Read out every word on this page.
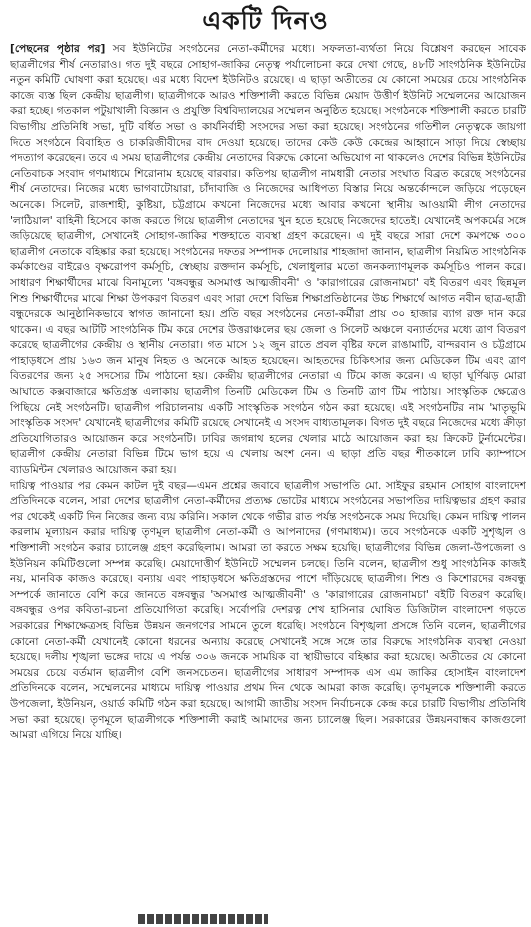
একটি দিনও

[পেছনের পৃষ্ঠার পর] সব ইউনিটের সংগঠনের নেতা-কর্মীদের মধ্যে। সফলতা-ব্যর্থতা নিয়ে বিশ্লেষণ করছেন সাবেক ছাত্রলীগের শীর্ষ নেতারাও। গত দুই বছরে সোহাগ-জাকির নেতৃত্ব পর্যালোচনা করে দেখা গেছে, ৪৮টি সাংগঠনিক ইউনিটের নতুন কমিটি ঘোষণা করা হয়েছে। এর মধ্যে বিদেশ ইউনিটও রয়েছে। এ ছাড়া অতীতের যে কোনো সময়ের চেয়ে সাংগঠনিক কাজে ব্যস্ত ছিল কেন্দ্রীয় ছাত্রলীগ। ছাত্রলীগকে আরও শক্তিশালী করতে বিভিন্ন মেয়াদ উত্তীর্ণ ইউনিট সম্মেলনের আয়োজন করা হচ্ছে। গতকাল পটুয়াখালী বিজ্ঞান ও প্রযুক্তি বিশ্ববিদ্যালয়ের সম্মেলন অনুষ্ঠিত হয়েছে। সংগঠনকে শক্তিশালী করতে চারটি বিভাগীয় প্রতিনিধি সভা, দুটি বর্ধিত সভা ও কার্যনির্বাহী সংসদের সভা করা হয়েছে। সংগঠনের গতিশীল নেতৃত্বকে জায়গা দিতে সংগঠনে বিবাহিত ও চাকরিজীবীদের বাদ দেওয়া হয়েছে। তাদের কেউ কেউ কেন্দ্রের আহ্বানে সাড়া দিয়ে স্বেচ্ছায় পদত্যাগ করেছেন। তবে এ সময় ছাত্রলীগের কেন্দ্রীয় নেতাদের বিরুদ্ধে কোনো অভিযোগ না থাকলেও দেশের বিভিন্ন ইউনিটের নেতিবাচক সংবাদ গণমাধ্যমে শিরোনাম হয়েছে বারবার। কতিপয় ছাত্রলীগ নামধারী নেতার সংঘাত বিব্রত করেছে সংগঠনের শীর্ষ নেতাদের। নিজের মধ্যে ভাগবাটোয়ারা, চাঁদাবাজি ও নিজেদের আধিপত্য বিস্তার নিয়ে অন্তর্কোন্দলে জড়িয়ে পড়েছেন অনেকে। সিলেট, রাজশাহী, কুষ্টিয়া, চট্টগ্রামে কখনো নিজেদের মধ্যে আবার কখনো স্থানীয় আওয়ামী লীগ নেতাদের 'লাঠিয়াল' বাহিনী হিসেবে কাজ করতে গিয়ে ছাত্রলীগ নেতাদের খুন হতে হয়েছে নিজেদের হাতেই। যেখানেই অপকর্মের সঙ্গে জড়িয়েছে ছাত্রলীগ, সেখানেই সোহাগ-জাকির শক্তহাতে ব্যবস্থা গ্রহণ করেছেন। এ দুই বছরে সারা দেশে কমপক্ষে ৩০০ ছাত্রলীগ নেতাকে বহিষ্কার করা হয়েছে। সংগঠনের দফতর সম্পাদক দেলোয়ার শাহজাদা জানান, ছাত্রলীগ নিয়মিত সাংগঠনিক কর্মকাণ্ডের বাইরেও বৃক্ষরোপণ কর্মসূচি, স্বেচ্ছায় রক্তদান কর্মসূচি, খেলাধুলার মতো জনকল্যাণমূলক কর্মসূচিও পালন করে। সাধারণ শিক্ষার্থীদের মাঝে বিনামূল্যে 'বঙ্গবন্ধুর অসমাপ্ত আত্মজীবনী' ও 'কারাগারের রোজনামচা' বই বিতরণ এবং ছিন্নমূল শিশু শিক্ষার্থীদের মাঝে শিক্ষা উপকরণ বিতরণ এবং সারা দেশে বিভিন্ন শিক্ষাপ্রতিষ্ঠানের উচ্চ শিক্ষার্থে আগত নবীন ছাত্র-ছাত্রী বন্ধুদেরকে আনুষ্ঠানিকভাবে স্বাগত জানানো হয়। প্রতি বছর সংগঠনের নেতা-কর্মীরা প্রায় ৩০ হাজার ব্যাগ রক্ত দান করে থাকেন। এ বছর আটটি সাংগঠনিক টিম করে দেশের উত্তরাঞ্চলের ছয় জেলা ও সিলেট অঞ্চলে বন্যার্তদের মধ্যে ত্রাণ বিতরণ করেছে ছাত্রলীগের কেন্দ্রীয় ও স্থানীয় নেতারা। গত মাসে ১২ জুন রাতে প্রবল বৃষ্টির ফলে রাঙামাটি, বান্দরবান ও চট্টগ্রামে পাহাড়ধসে প্রায় ১৬৩ জন মানুষ নিহত ও অনেকে আহত হয়েছেন। আহতদের চিকিৎসার জন্য মেডিকেল টিম এবং ত্রাণ বিতরণের জন্য ২৫ সদস্যের টিম পাঠানো হয়। কেন্দ্রীয় ছাত্রলীগের নেতারা এ টিমে কাজ করেন। এ ছাড়া ঘূর্ণিঝড় মোরা আঘাতে কক্সবাজারে ক্ষতিগ্রস্ত এলাকায় ছাত্রলীগ তিনটি মেডিকেল টিম ও তিনটি ত্রাণ টিম পাঠায়। সাংস্কৃতিক ক্ষেত্রেও পিছিয়ে নেই সংগঠনটি। ছাত্রলীগ পরিচালনায় একটি সাংস্কৃতিক সংগঠন গঠন করা হয়েছে। এই সংগঠনটির নাম 'মাতৃভূমি সাংস্কৃতিক সংসদ' যেখানেই ছাত্রলীগের কমিটি রয়েছে সেখানেই এ সংসদ বাধ্যতামূলক। বিগত দুই বছরে নিজেদের মধ্যে ক্রীড়া প্রতিযোগিতারও আয়োজন করে সংগঠনটি। ঢাবির জগন্নাথ হলের খেলার মাঠে আয়োজন করা হয় ক্রিকেট টুর্নামেন্টের। ছাত্রলীগ কেন্দ্রীয় নেতারা বিভিন্ন টিমে ভাগ হয়ে এ খেলায় অংশ নেন। এ ছাড়া প্রতি বছর শীতকালে ঢাবি ক্যাম্পাসে ব্যাডমিন্টন খেলারও আয়োজন করা হয়।

দায়িত্ব পাওয়ার পর কেমন কাটল দুই বছর—এমন প্রশ্নের জবাবে ছাত্রলীগ সভাপতি মো. সাইফুর রহমান সোহাগ বাংলাদেশ প্রতিদিনকে বলেন, সারা দেশের ছাত্রলীগ নেতা-কর্মীদের প্রত্যক্ষ ভোটের মাধ্যমে সংগঠনের সভাপতির দায়িত্বভার গ্রহণ করার পর থেকেই একটি দিন নিজের জন্য ব্যয় করিনি। সকাল থেকে গভীর রাত পর্যন্ত সংগঠনকে সময় দিয়েছি। কেমন দায়িত্ব পালন করলাম মূল্যায়ন করার দায়িত্ব তৃণমূল ছাত্রলীগ নেতা-কর্মী ও আপনাদের (গণমাধ্যম)। তবে সংগঠনকে একটি সুশৃঙ্খল ও শক্তিশালী সংগঠন করার চ্যালেঞ্জ গ্রহণ করেছিলাম। আমরা তা করতে সক্ষম হয়েছি। ছাত্রলীগের বিভিন্ন জেলা-উপজেলা ও ইউনিয়ন কমিটিগুলো সম্পন্ন করেছি। মেয়াদোত্তীর্ণ ইউনিটে সম্মেলন চলছে। তিনি বলেন, ছাত্রলীগ শুধু সাংগঠনিক কাজই নয়, মানবিক কাজও করেছে। বন্যায় এবং পাহাড়ধসে ক্ষতিগ্রস্তদের পাশে দাঁড়িয়েছে ছাত্রলীগ। শিশু ও কিশোরদের বঙ্গবন্ধু সম্পর্কে জানাতে বেশি করে জানতে বঙ্গবন্ধুর 'অসমাপ্ত আত্মজীবনী' ও 'কারাগারের রোজনামচা' বইটি বিতরণ করেছি। বঙ্গবন্ধুর ওপর কবিতা-রচনা প্রতিযোগিতা করেছি। সর্বোপরি দেশরত্ন শেখ হাসিনার ঘোষিত ডিজিটাল বাংলাদেশ গড়তে সরকারের শিক্ষাক্ষেত্রসহ বিভিন্ন উন্নয়ন জনগণের সামনে তুলে ধরেছি। সংগঠনে বিশৃঙ্খলা প্রসঙ্গে তিনি বলেন, ছাত্রলীগের কোনো নেতা-কর্মী যেখানেই কোনো ধরনের অন্যায় করেছে সেখানেই সঙ্গে সঙ্গে তার বিরুদ্ধে সাংগঠনিক ব্যবস্থা নেওয়া হয়েছে। দলীয় শৃঙ্খলা ভঙ্গের দায়ে এ পর্যন্ত ৩০৬ জনকে সাময়িক বা স্থায়ীভাবে বহিষ্কার করা হয়েছে। অতীতের যে কোনো সময়ের চেয়ে বর্তমান ছাত্রলীগ বেশি জনসচেতন। ছাত্রলীগের সাধারণ সম্পাদক এস এম জাকির হোসাইন বাংলাদেশ প্রতিদিনকে বলেন, সম্মেলনের মাধ্যমে দায়িত্ব পাওয়ার প্রথম দিন থেকে আমরা কাজ করেছি। তৃণমূলকে শক্তিশালী করতে উপজেলা, ইউনিয়ন, ওয়ার্ড কমিটি গঠন করা হয়েছে। আগামী জাতীয় সংসদ নির্বাচনকে কেন্দ্র করে চারটি বিভাগীয় প্রতিনিধি সভা করা হয়েছে। তৃণমূলে ছাত্রলীগকে শক্তিশালী করাই আমাদের জন্য চ্যালেঞ্জ ছিল। সরকারের উন্নয়নবান্ধব কাজগুলো আমরা এগিয়ে নিয়ে যাচ্ছি।
